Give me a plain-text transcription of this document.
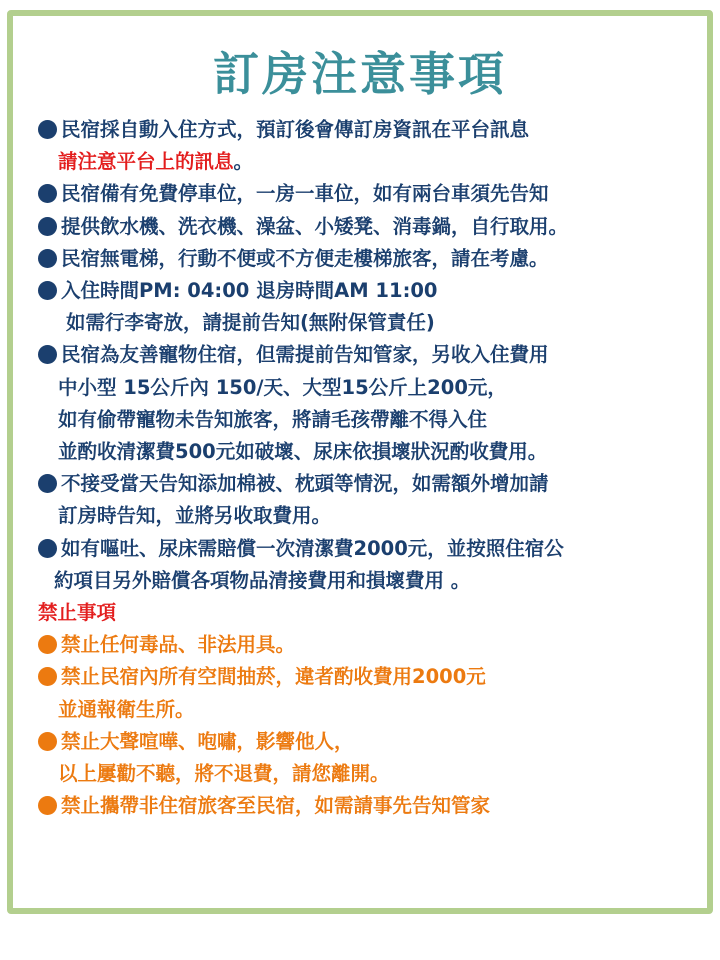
訂房注意事項
民宿採自動入住方式，預訂後會傳訂房資訊在平台訊息
請注意平台上的訊息。
民宿備有免費停車位，一房一車位，如有兩台車須先告知
提供飲水機、洗衣機、澡盆、小矮凳、消毒鍋，自行取用。
民宿無電梯，行動不便或不方便走樓梯旅客，請在考慮。
入住時間PM: 04:00 退房時間AM 11:00
如需行李寄放，請提前告知(無附保管責任)
民宿為友善寵物住宿，但需提前告知管家，另收入住費用
中小型 15公斤內 150/天、大型15公斤上200元，
如有偷帶寵物未告知旅客，將請毛孩帶離不得入住
並酌收清潔費500元如破壞、尿床依損壞狀況酌收費用。
不接受當天告知添加棉被、枕頭等情況，如需額外增加請
訂房時告知，並將另收取費用。
如有嘔吐、尿床需賠償一次清潔費2000元，並按照住宿公
約項目另外賠償各項物品清接費用和損壞費用 。
禁止事項
禁止任何毒品、非法用具。
禁止民宿內所有空間抽菸，違者酌收費用2000元
並通報衛生所。
禁止大聲喧嘩、咆嘯，影響他人，
以上屢勸不聽，將不退費，請您離開。
禁止攜帶非住宿旅客至民宿，如需請事先告知管家
